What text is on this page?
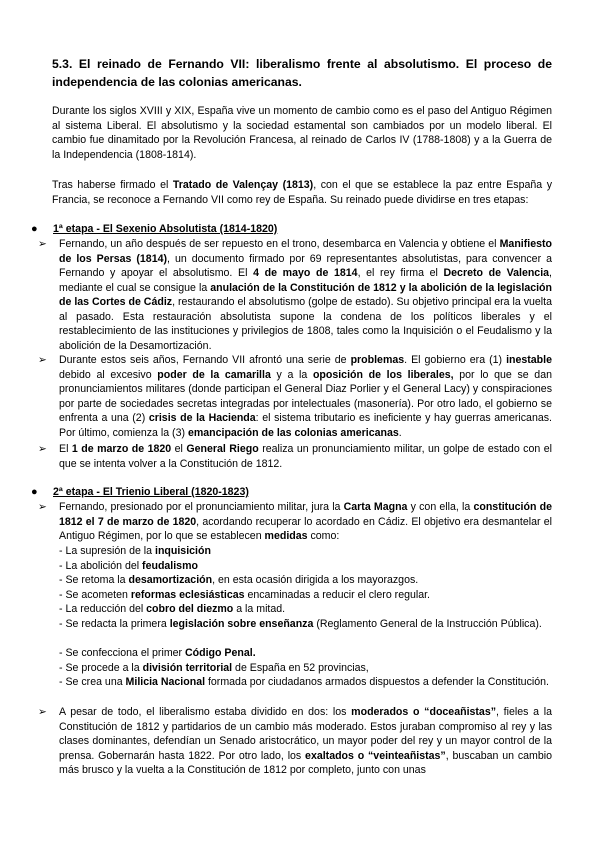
5.3. El reinado de Fernando VII: liberalismo frente al absolutismo. El proceso de independencia de las colonias americanas.
Durante los siglos XVIII y XIX, España vive un momento de cambio como es el paso del Antiguo Régimen al sistema Liberal. El absolutismo y la sociedad estamental son cambiados por un modelo liberal. El cambio fue dinamitado por la Revolución Francesa, al reinado de Carlos IV (1788-1808) y a la Guerra de la Independencia (1808-1814).
Tras haberse firmado el Tratado de Valençay (1813), con el que se establece la paz entre España y Francia, se reconoce a Fernando VII como rey de España. Su reinado puede dividirse en tres etapas:
● 1ª etapa - El Sexenio Absolutista (1814-1820)
➢ Fernando, un año después de ser repuesto en el trono, desembarca en Valencia y obtiene el Manifiesto de los Persas (1814), un documento firmado por 69 representantes absolutistas, para convencer a Fernando y apoyar el absolutismo. El 4 de mayo de 1814, el rey firma el Decreto de Valencia, mediante el cual se consigue la anulación de la Constitución de 1812 y la abolición de la legislación de las Cortes de Cádiz, restaurando el absolutismo (golpe de estado). Su objetivo principal era la vuelta al pasado. Esta restauración absolutista supone la condena de los políticos liberales y el restablecimiento de las instituciones y privilegios de 1808, tales como la Inquisición o el Feudalismo y la abolición de la Desamortización.
➢ Durante estos seis años, Fernando VII afrontó una serie de problemas. El gobierno era (1) inestable debido al excesivo poder de la camarilla y a la oposición de los liberales, por lo que se dan pronunciamientos militares (donde participan el General Diaz Porlier y el General Lacy) y conspiraciones por parte de sociedades secretas integradas por intelectuales (masonería). Por otro lado, el gobierno se enfrenta a una (2) crisis de la Hacienda: el sistema tributario es ineficiente y hay guerras americanas. Por último, comienza la (3) emancipación de las colonias americanas.
➢ El 1 de marzo de 1820 el General Riego realiza un pronunciamiento militar, un golpe de estado con el que se intenta volver a la Constitución de 1812.
● 2ª etapa - El Trienio Liberal (1820-1823)
➢ Fernando, presionado por el pronunciamiento militar, jura la Carta Magna y con ella, la constitución de 1812 el 7 de marzo de 1820, acordando recuperar lo acordado en Cádiz. El objetivo era desmantelar el Antiguo Régimen, por lo que se establecen medidas como:
- La supresión de la inquisición
- La abolición del feudalismo
- Se retoma la desamortización, en esta ocasión dirigida a los mayorazgos.
- Se acometen reformas eclesiásticas encaminadas a reducir el clero regular.
- La reducción del cobro del diezmo a la mitad.
- Se redacta la primera legislación sobre enseñanza (Reglamento General de la Instrucción Pública).
- Se confecciona el primer Código Penal.
- Se procede a la división territorial de España en 52 provincias,
- Se crea una Milicia Nacional formada por ciudadanos armados dispuestos a defender la Constitución.
➢ A pesar de todo, el liberalismo estaba dividido en dos: los moderados o “doceañistas”, fieles a la Constitución de 1812 y partidarios de un cambio más moderado. Estos juraban compromiso al rey y las clases dominantes, defendían un Senado aristocrático, un mayor poder del rey y un mayor control de la prensa. Gobernarán hasta 1822. Por otro lado, los exaltados o “veinteañistas”, buscaban un cambio más brusco y la vuelta a la Constitución de 1812 por completo, junto con unas
